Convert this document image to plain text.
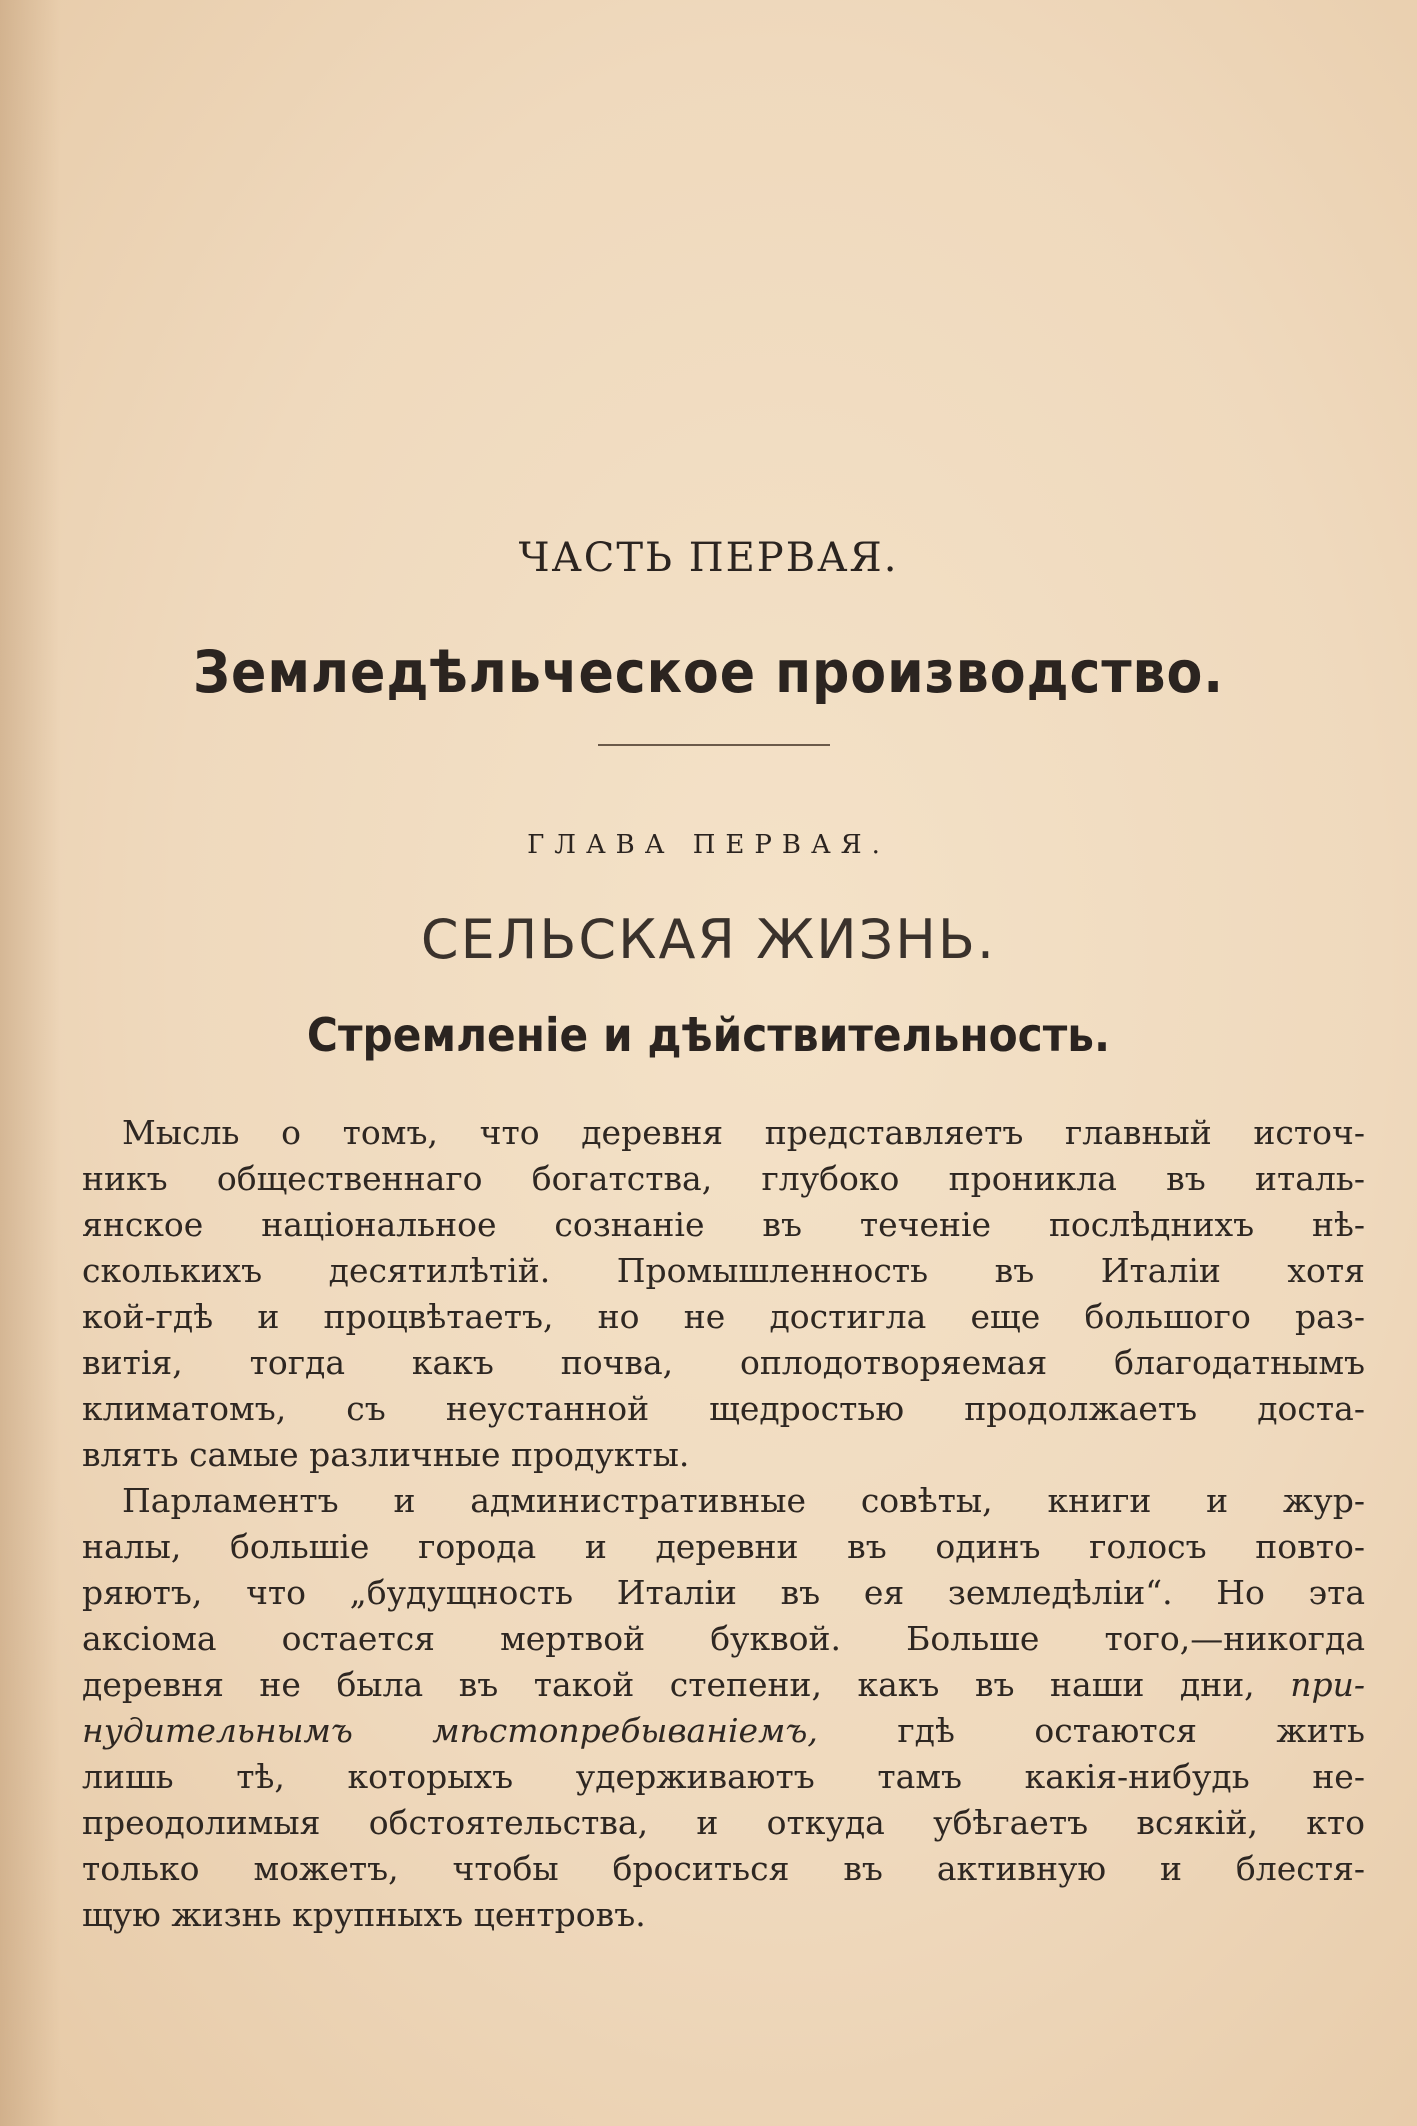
ЧАСТЬ ПЕРВАЯ.
Земледѣльческое производство.
ГЛАВА ПЕРВАЯ.
СЕЛЬСКАЯ ЖИЗНЬ.
Стремленіе и дѣйствительность.
Мысль о томъ, что деревня представляетъ главный источ-
никъ общественнаго богатства, глубоко проникла въ италь-
янское національное сознаніе въ теченіе послѣднихъ нѣ-
сколькихъ десятилѣтій. Промышленность въ Италіи хотя
кой-гдѣ и процвѣтаетъ, но не достигла еще большого раз-
витія, тогда какъ почва, оплодотворяемая благодатнымъ
климатомъ, съ неустанной щедростью продолжаетъ доста-
влять самые различные продукты.
Парламентъ и административные совѣты, книги и жур-
налы, большіе города и деревни въ одинъ голосъ повто-
ряютъ, что „будущность Италіи въ ея земледѣліи“. Но эта
аксіома остается мертвой буквой. Больше того,—никогда
деревня не была въ такой степени, какъ въ наши дни, при-
нудительнымъ мѣстопребываніемъ, гдѣ остаются жить
лишь тѣ, которыхъ удерживаютъ тамъ какія-нибудь не-
преодолимыя обстоятельства, и откуда убѣгаетъ всякій, кто
только можетъ, чтобы броситься въ активную и блестя-
щую жизнь крупныхъ центровъ.
